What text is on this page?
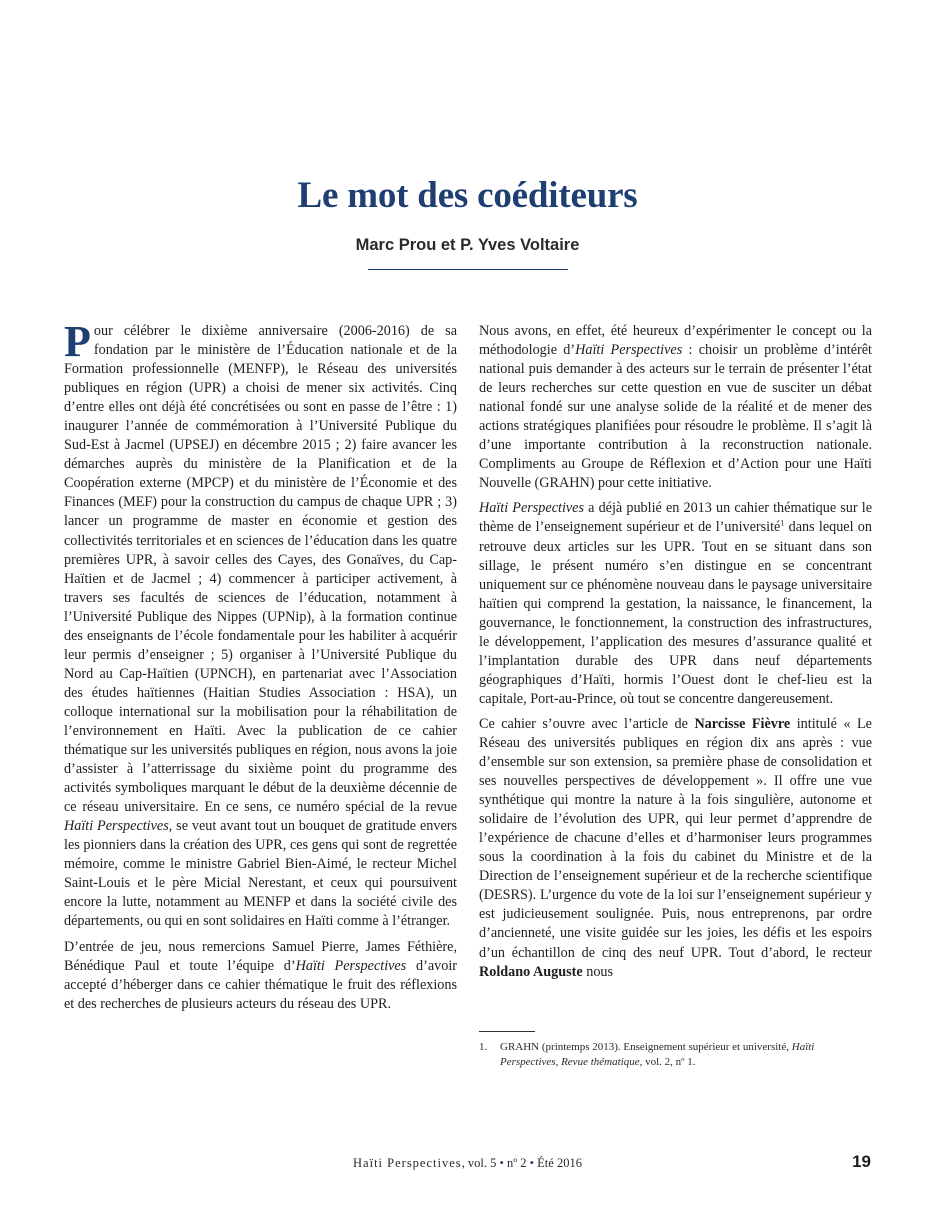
Le mot des coéditeurs
Marc Prou et P. Yves Voltaire

Pour célébrer le dixième anniversaire (2006-2016) de sa fondation par le ministère de l’Éducation nationale et de la Formation professionnelle (MENFP), le Réseau des universités publiques en région (UPR) a choisi de mener six activités. Cinq d’entre elles ont déjà été concrétisées ou sont en passe de l’être : 1) inaugurer l’année de commémoration à l’Université Publique du Sud-Est à Jacmel (UPSEJ) en décembre 2015 ; 2) faire avancer les démarches auprès du ministère de la Planification et de la Coopération externe (MPCP) et du ministère de l’Économie et des Finances (MEF) pour la construction du campus de chaque UPR ; 3) lancer un programme de master en économie et gestion des collectivités territoriales et en sciences de l’éducation dans les quatre premières UPR, à savoir celles des Cayes, des Gonaïves, du Cap-Haïtien et de Jacmel ; 4) commencer à participer activement, à travers ses facultés de sciences de l’éducation, notamment à l’Université Publique des Nippes (UPNip), à la formation continue des enseignants de l’école fondamentale pour les habiliter à acquérir leur permis d’enseigner ; 5) organiser à l’Université Publique du Nord au Cap-Haïtien (UPNCH), en partenariat avec l’Association des études haïtiennes (Haitian Studies Association : HSA), un colloque international sur la mobilisation pour la réhabilitation de l’environnement en Haïti. Avec la publication de ce cahier thématique sur les universités publiques en région, nous avons la joie d’assister à l’atterrissage du sixième point du programme des activités symboliques marquant le début de la deuxième décennie de ce réseau universitaire. En ce sens, ce numéro spécial de la revue Haïti Perspectives, se veut avant tout un bouquet de gratitude envers les pionniers dans la création des UPR, ces gens qui sont de regrettée mémoire, comme le ministre Gabriel Bien-Aimé, le recteur Michel Saint-Louis et le père Micial Nerestant, et ceux qui poursuivent encore la lutte, notamment au MENFP et dans la société civile des départements, ou qui en sont solidaires en Haïti comme à l’étranger.

D’entrée de jeu, nous remercions Samuel Pierre, James Féthière, Bénédique Paul et toute l’équipe d’Haïti Perspectives d’avoir accepté d’héberger dans ce cahier thématique le fruit des réflexions et des recherches de plusieurs acteurs du réseau des UPR.

Nous avons, en effet, été heureux d’expérimenter le concept ou la méthodologie d’Haïti Perspectives : choisir un problème d’intérêt national puis demander à des acteurs sur le terrain de présenter l’état de leurs recherches sur cette question en vue de susciter un débat national fondé sur une analyse solide de la réalité et de mener des actions stratégiques planifiées pour résoudre le problème. Il s’agit là d’une importante contribution à la reconstruction nationale. Compliments au Groupe de Réflexion et d’Action pour une Haïti Nouvelle (GRAHN) pour cette initiative.

Haïti Perspectives a déjà publié en 2013 un cahier thématique sur le thème de l’enseignement supérieur et de l’université$^1$ dans lequel on retrouve deux articles sur les UPR. Tout en se situant dans son sillage, le présent numéro s’en distingue en se concentrant uniquement sur ce phénomène nouveau dans le paysage universitaire haïtien qui comprend la gestation, la naissance, le financement, la gouvernance, le fonctionnement, la construction des infrastructures, le développement, l’application des mesures d’assurance qualité et l’implantation durable des UPR dans neuf départements géographiques d’Haïti, hormis l’Ouest dont le chef-lieu est la capitale, Port-au-Prince, où tout se concentre dangereusement.

Ce cahier s’ouvre avec l’article de Narcisse Fièvre intitulé « Le Réseau des universités publiques en région dix ans après : vue d’ensemble sur son extension, sa première phase de consolidation et ses nouvelles perspectives de développement ». Il offre une vue synthétique qui montre la nature à la fois singulière, autonome et solidaire de l’évolution des UPR, qui leur permet d’apprendre de l’expérience de chacune d’elles et d’harmoniser leurs programmes sous la coordination à la fois du cabinet du Ministre et de la Direction de l’enseignement supérieur et de la recherche scientifique (DESRS). L’urgence du vote de la loi sur l’enseignement supérieur y est judicieusement soulignée. Puis, nous entreprenons, par ordre d’ancienneté, une visite guidée sur les joies, les défis et les espoirs d’un échantillon de cinq des neuf UPR. Tout d’abord, le recteur Roldano Auguste nous

1. GRAHN (printemps 2013). Enseignement supérieur et université, Haïti Perspectives, Revue thématique, vol. 2, nº 1.
Haïti Perspectives, vol. 5 • nº 2 • Été 2016	19
